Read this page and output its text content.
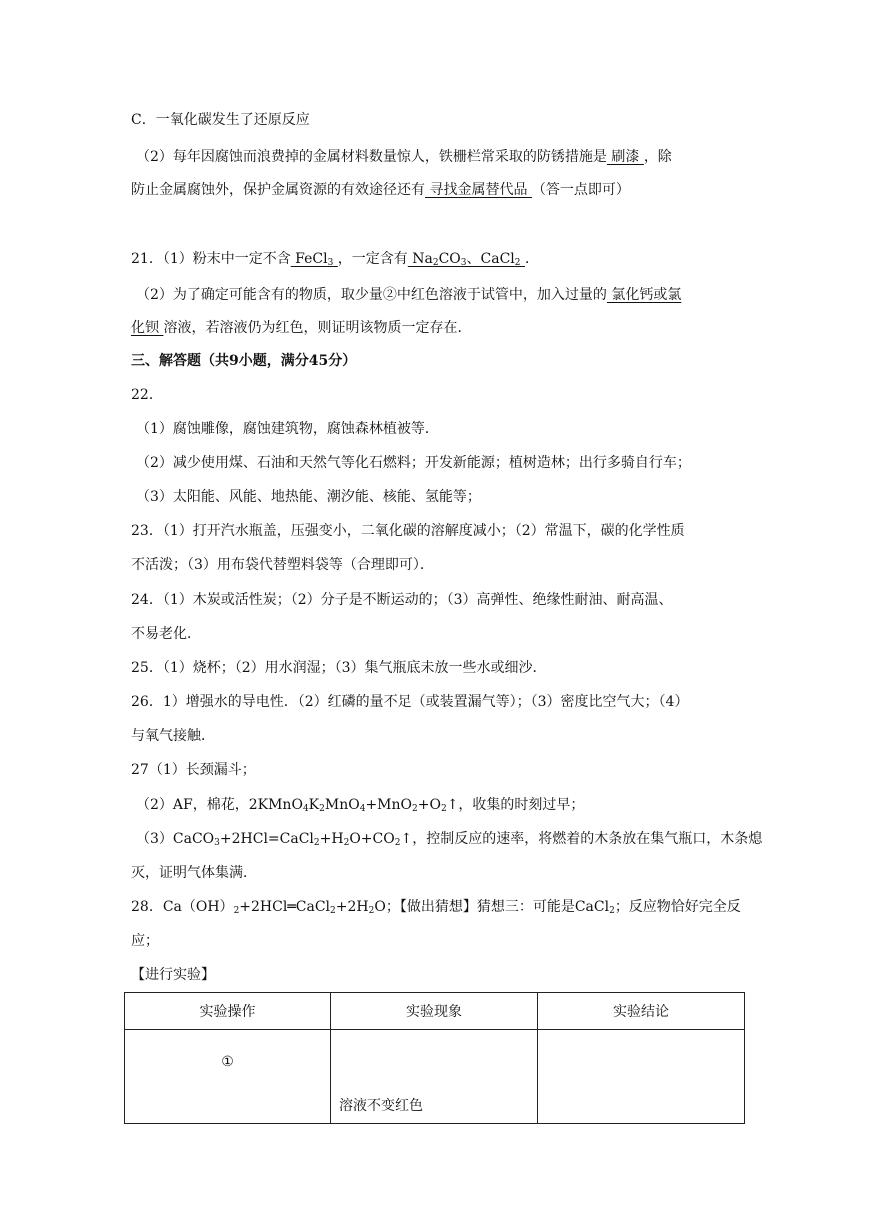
C．一氧化碳发生了还原反应
（2）每年因腐蚀而浪费掉的金属材料数量惊人，铁栅栏常采取的防锈措施是 刷漆 ，除
防止金属腐蚀外，保护金属资源的有效途径还有 寻找金属替代品 （答一点即可）
21．（1）粉末中一定不含 FeCl$_3$ ，一定含有 $Na_2CO_3$、CaCl$_2$ ．
（2）为了确定可能含有的物质，取少量②中红色溶液于试管中，加入过量的 氯化钙或氯
化钡 溶液，若溶液仍为红色，则证明该物质一定存在．
三、解答题（共9小题，满分45分）
22．
（1）腐蚀雕像，腐蚀建筑物，腐蚀森林植被等．
（2）减少使用煤、石油和天然气等化石燃料；开发新能源；植树造林；出行多骑自行车；
（3）太阳能、风能、地热能、潮汐能、核能、氢能等；
23．（1）打开汽水瓶盖，压强变小，二氧化碳的溶解度减小；（2）常温下，碳的化学性质
不活泼；（3）用布袋代替塑料袋等（合理即可）．
24．（1）木炭或活性炭；（2）分子是不断运动的；（3）高弹性、绝缘性耐油、耐高温、
不易老化．
25．（1）烧杯；（2）用水润湿；（3）集气瓶底未放一些水或细沙．
26．1）增强水的导电性．（2）红磷的量不足（或装置漏气等）；（3）密度比空气大；（4）
与氧气接触．
27（1）长颈漏斗；
（2）AF，棉花，$2KMnO_4K_2MnO_4+MnO_2+O_2↑$，收集的时刻过早；
$(3)CaCO_3+2HCl=CaCl_2+H_2O+CO_2↑$，控制反应的速率，将燃着的木条放在集气瓶口，木条熄
灭，证明气体集满．
28．$Ca(OH)_2+2HCl═CaCl_2+2H_2O$；【做出猜想】猜想三：可能是CaCl$_2$；反应物恰好完全反
应；
【进行实验】
实验操作	实验现象	实验结论
①	溶液不变红色	
